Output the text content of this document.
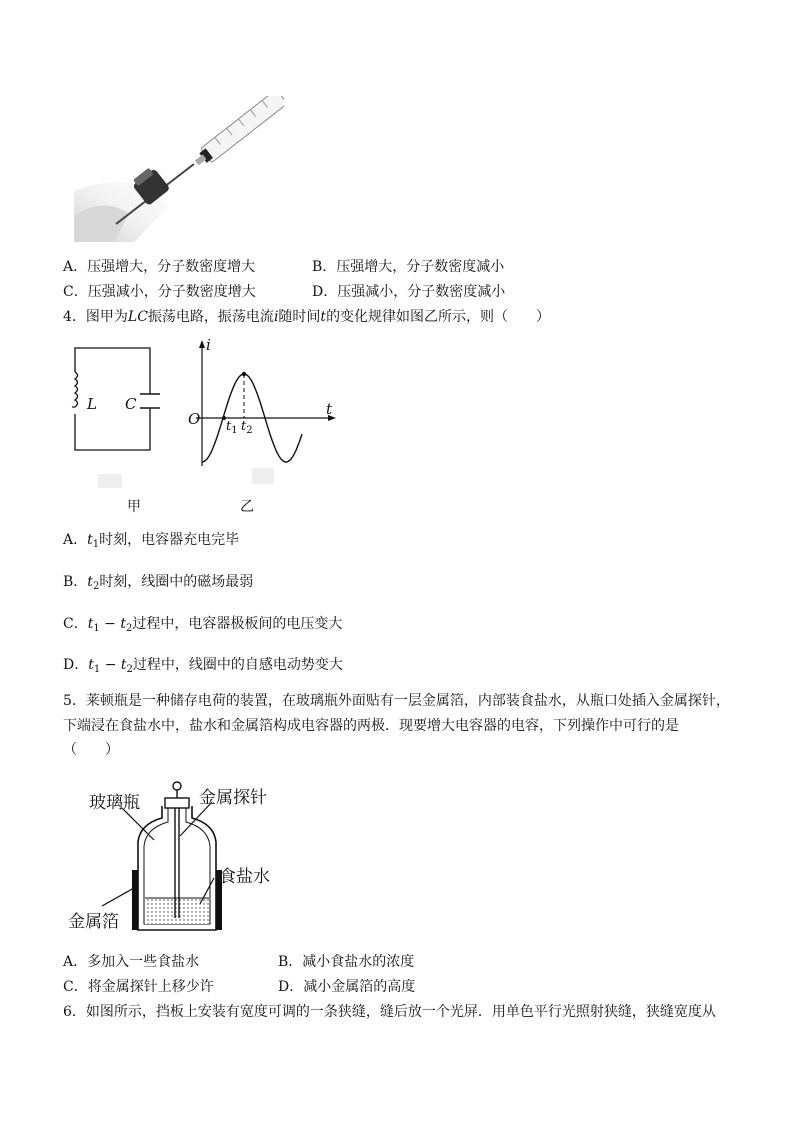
A．压强增大，分子数密度增大	B．压强增大，分子数密度减小
C．压强减小，分子数密度增大	D．压强减小，分子数密度减小
4．图甲为LC振荡电路，振荡电流i随时间t的变化规律如图乙所示，则（　　）
L C
甲
i
t
O $t_1$ $t_2$
乙
A．$t_1$时刻，电容器充电完毕
B．$t_2$时刻，线圈中的磁场最弱
C．$t_1 - t_2$过程中，电容器极板间的电压变大
D．$t_1 - t_2$过程中，线圈中的自感电动势变大
5．莱顿瓶是一种储存电荷的装置，在玻璃瓶外面贴有一层金属箔，内部装食盐水，从瓶口处插入金属探针，
下端浸在食盐水中，盐水和金属箔构成电容器的两极．现要增大电容器的电容，下列操作中可行的是
（　　）
玻璃瓶	金属探针
食盐水
金属箔
A．多加入一些食盐水	B．减小食盐水的浓度
C．将金属探针上移少许	D．减小金属箔的高度
6．如图所示，挡板上安装有宽度可调的一条狭缝，缝后放一个光屏．用单色平行光照射狭缝，狭缝宽度从
